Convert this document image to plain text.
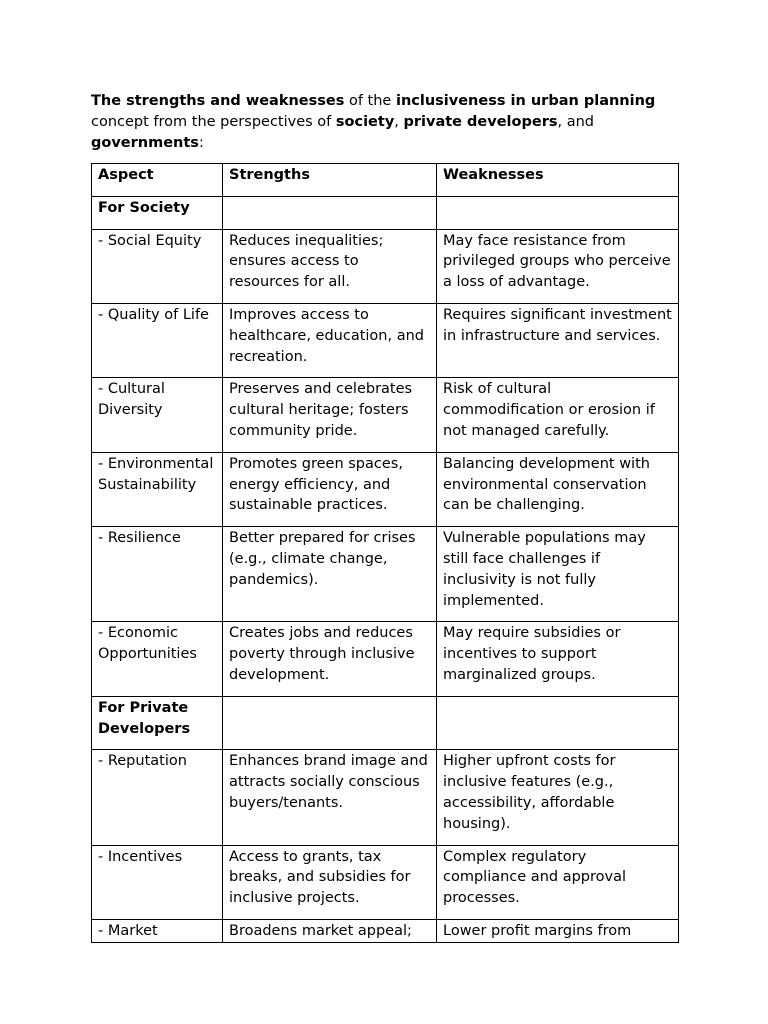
The strengths and weaknesses of the inclusiveness in urban planning concept from the perspectives of society, private developers, and governments:

Aspect	Strengths	Weaknesses
For Society		
- Social Equity	Reduces inequalities; ensures access to resources for all.	May face resistance from privileged groups who perceive a loss of advantage.
- Quality of Life	Improves access to healthcare, education, and recreation.	Requires significant investment in infrastructure and services.
- Cultural Diversity	Preserves and celebrates cultural heritage; fosters community pride.	Risk of cultural commodification or erosion if not managed carefully.
- Environmental Sustainability	Promotes green spaces, energy efficiency, and sustainable practices.	Balancing development with environmental conservation can be challenging.
- Resilience	Better prepared for crises (e.g., climate change, pandemics).	Vulnerable populations may still face challenges if inclusivity is not fully implemented.
- Economic Opportunities	Creates jobs and reduces poverty through inclusive development.	May require subsidies or incentives to support marginalized groups.
For Private Developers		
- Reputation	Enhances brand image and attracts socially conscious buyers/tenants.	Higher upfront costs for inclusive features (e.g., accessibility, affordable housing).
- Incentives	Access to grants, tax breaks, and subsidies for inclusive projects.	Complex regulatory compliance and approval processes.
- Market	Broadens market appeal;	Lower profit margins from
